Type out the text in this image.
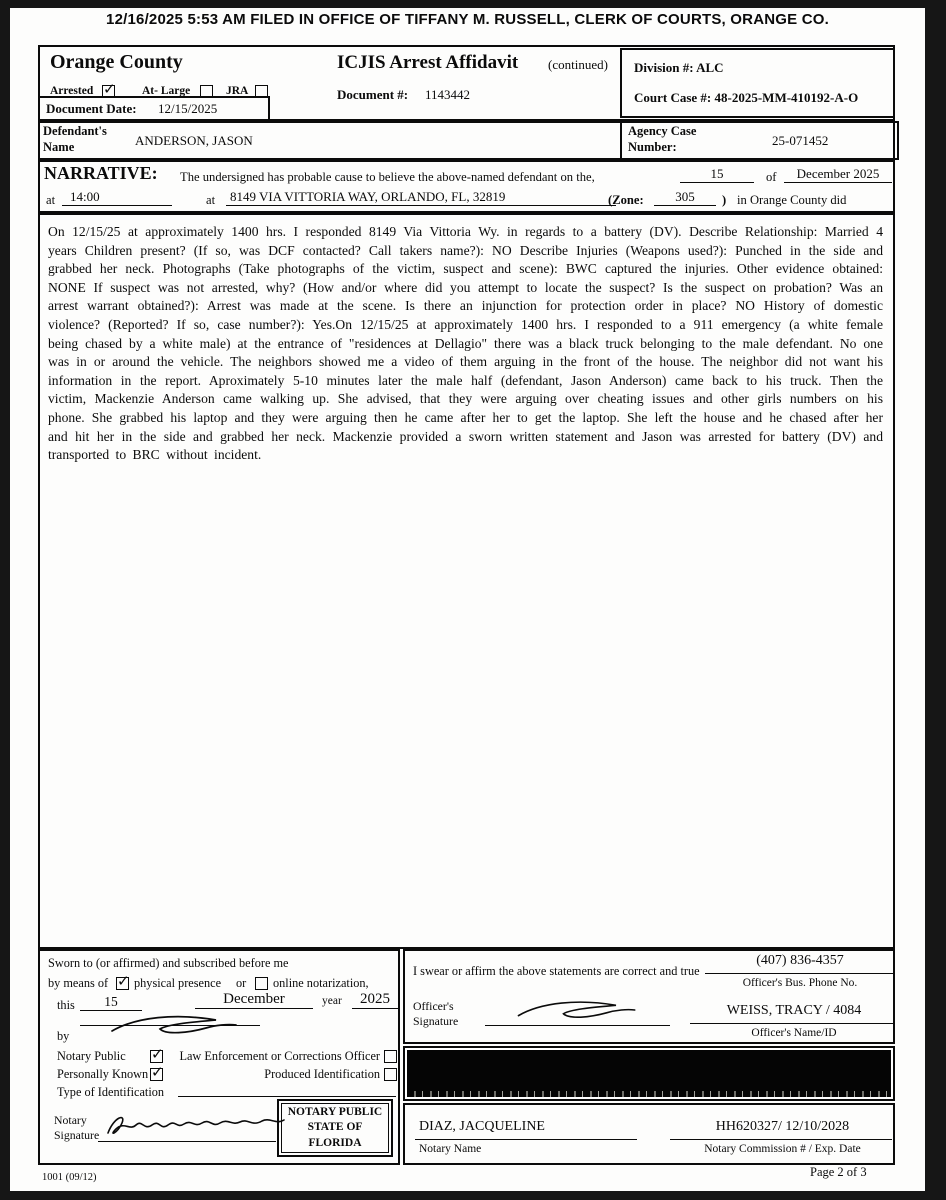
12/16/2025 5:53 AM FILED IN OFFICE OF TIFFANY M. RUSSELL, CLERK OF COURTS, ORANGE CO.
Orange County
Arrested ✓ At- Large	JRA
Document Date: 12/15/2025
ICJIS Arrest Affidavit (continued)
Document #: 1143442
Division #: ALC
Court Case #: 48-2025-MM-410192-A-O
Defendant's Name	ANDERSON, JASON
Agency Case Number:	25-071452
NARRATIVE: The undersigned has probable cause to believe the above-named defendant on the,	15	of	December 2025
at	14:00	at	8149 VIA VITTORIA WAY, ORLANDO, FL, 32819	(Zone:	305	) in Orange County did

On 12/15/25 at approximately 1400 hrs. I responded 8149 Via Vittoria Wy. in regards to a battery (DV). Describe Relationship: Married 4 years Children present? (If so, was DCF contacted? Call takers name?): NO Describe Injuries (Weapons used?): Punched in the side and grabbed her neck. Photographs (Take photographs of the victim, suspect and scene): BWC captured the injuries. Other evidence obtained: NONE If suspect was not arrested, why? (How and/or where did you attempt to locate the suspect? Is the suspect on probation? Was an arrest warrant obtained?): Arrest was made at the scene. Is there an injunction for protection order in place? NO History of domestic violence? (Reported? If so, case number?): Yes.On 12/15/25 at approximately 1400 hrs. I responded to a 911 emergency (a white female being chased by a white male) at the entrance of "residences at Dellagio" there was a black truck belonging to the male defendant. No one was in or around the vehicle. The neighbors showed me a video of them arguing in the front of the house. The neighbor did not want his information in the report. Aproximately 5-10 minutes later the male half (defendant, Jason Anderson) came back to his truck. Then the victim, Mackenzie Anderson came walking up. She advised, that they were arguing over cheating issues and other girls numbers on his phone. She grabbed his laptop and they were arguing then he came after her to get the laptop. She left the house and he chased after her and hit her in the side and grabbed her neck. Mackenzie provided a sworn written statement and Jason was arrested for battery (DV) and transported to BRC without incident.

Sworn to (or affirmed) and subscribed before me
by means of ✓ physical presence or online notarization,
this	15	December	year	2025
by
Notary Public ✓	Law Enforcement or Corrections Officer
Personally Known ✓	Produced Identification
Type of Identification
Notary Signature
NOTARY PUBLIC
STATE OF
FLORIDA
I swear or affirm the above statements are correct and true
(407) 836-4357
Officer's Bus. Phone No.
Officer's Signature
WEISS, TRACY / 4084
Officer's Name/ID
DIAZ, JACQUELINE
Notary Name
HH620327/ 12/10/2028
Notary Commission # / Exp. Date
1001 (09/12)	Page 2 of 3
